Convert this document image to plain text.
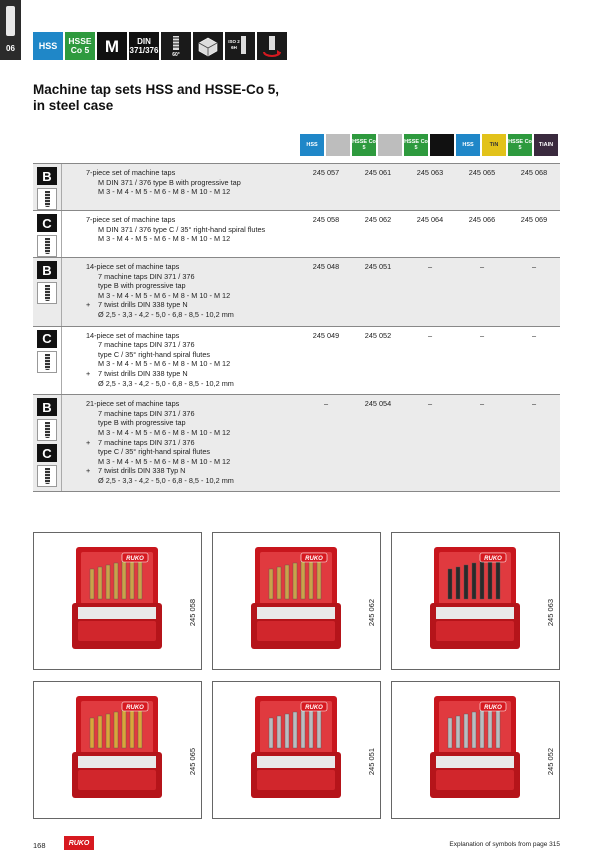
06	HSS HSSE
Co 5 M	DIN
371/376	60°
ISO 2
6H
Machine tap sets HSS and HSSE-Co 5,
in steel case
HSS	HSSE Co 5
HSSE Co 5	HSS	TiN	HSSE Co 5	TiAlN
B	7-piece set of machine taps
M DIN 371 / 376 type B with progressive tap
M 3 - M 4 - M 5 - M 6 - M 8 - M 10 - M 12
245 057	245 061	245 063	245 065	245 068
C	7-piece set of machine taps
M DIN 371 / 376 type C / 35° right-hand spiral flutes
M 3 - M 4 - M 5 - M 6 - M 8 - M 10 - M 12
245 058	245 062	245 064	245 066	245 069
B	14-piece set of machine taps
7 machine taps DIN 371 / 376
type B with progressive tap
M 3 - M 4 - M 5 - M 6 - M 8 - M 10 - M 12
+	7 twist drills DIN 338 type N
Ø 2,5 - 3,3 - 4,2 - 5,0 - 6,8 - 8,5 - 10,2 mm
245 048	245 051	–	–	–
C	14-piece set of machine taps
7 machine taps DIN 371 / 376
type C / 35° right-hand spiral flutes
M 3 - M 4 - M 5 - M 6 - M 8 - M 10 - M 12
+	7 twist drills DIN 338 type N
Ø 2,5 - 3,3 - 4,2 - 5,0 - 6,8 - 8,5 - 10,2 mm
245 049	245 052	–	–	–
B
C
21-piece set of machine taps
7 machine taps DIN 371 / 376
type B with progressive tap
M 3 - M 4 - M 5 - M 6 - M 8 - M 10 - M 12
+	7 machine taps DIN 371 / 376
type C / 35° right-hand spiral flutes
M 3 - M 4 - M 5 - M 6 - M 8 - M 10 - M 12
+	7 twist drills DIN 338 Typ N
Ø 2,5 - 3,3 - 4,2 - 5,0 - 6,8 - 8,5 - 10,2 mm
–	245 054	–	–	–
RUKO
245 058
RUKO
245 062
RUKO
245 063
RUKO
245 065
RUKO
245 051
RUKO
245 052
168	RUKO	Explanation of symbols from page 315
